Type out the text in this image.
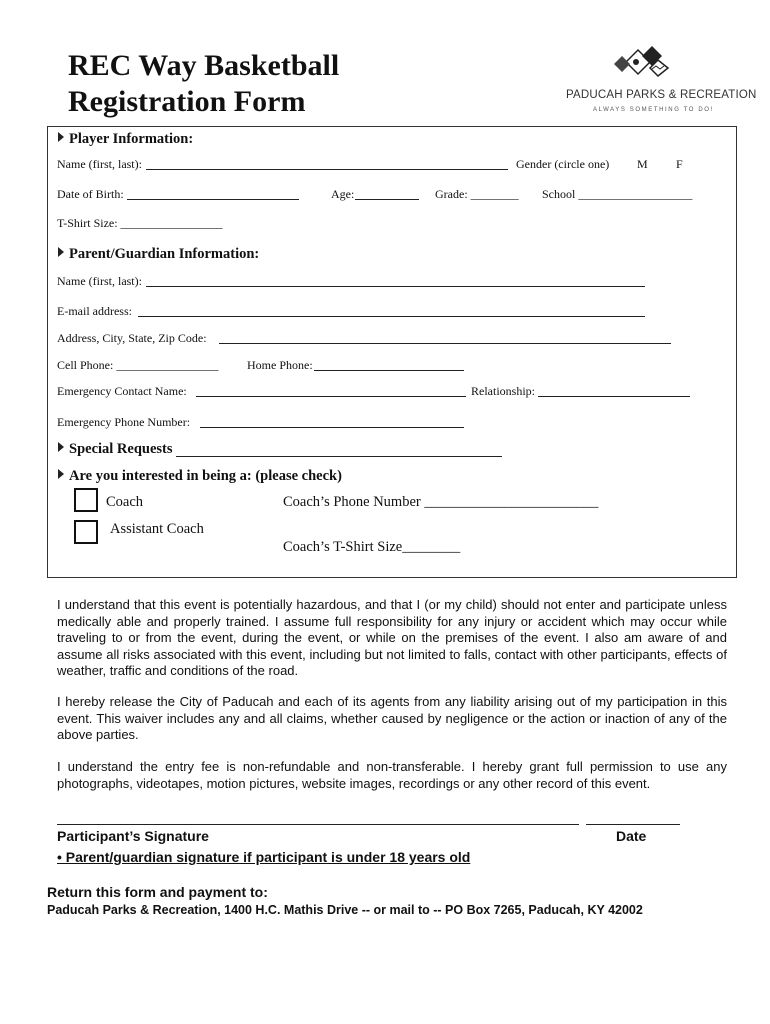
REC Way Basketball
Registration Form	PADUCAH PARKS & RECREATION
ALWAYS SOMETHING TO DO!
Player Information:
Name (first, last):	Gender (circle one) M F
Date of Birth:	Age:	Grade: ________ School ___________________
T-Shirt Size: _________________
Parent/Guardian Information:
Name (first, last):
E-mail address:
Address, City, State, Zip Code:
Cell Phone: _________________ Home Phone:
Emergency Contact Name:	Relationship:
Emergency Phone Number:
Special Requests
Are you interested in being a: (please check)
Coach	Coach’s Phone Number ________________________
Assistant Coach
Coach’s T-Shirt Size________
I understand that this event is potentially hazardous, and that I (or my child) should not enter and participate unless medically able and properly trained. I assume full responsibility for any injury or accident which may occur while traveling to or from the event, during the event, or while on the premises of the event. I also am aware of and assume all risks associated with this event, including but not limited to falls, contact with other participants, effects of weather, traffic and conditions of the road.
I hereby release the City of Paducah and each of its agents from any liability arising out of my participation in this event. This waiver includes any and all claims, whether caused by negligence or the action or inaction of any of the above parties.
I understand the entry fee is non-refundable and non-transferable. I hereby grant full permission to use any photographs, videotapes, motion pictures, website images, recordings or any other record of this event.
Participant’s Signature	Date
• Parent/guardian signature if participant is under 18 years old
Return this form and payment to:
Paducah Parks & Recreation, 1400 H.C. Mathis Drive -- or mail to -- PO Box 7265, Paducah, KY 42002
